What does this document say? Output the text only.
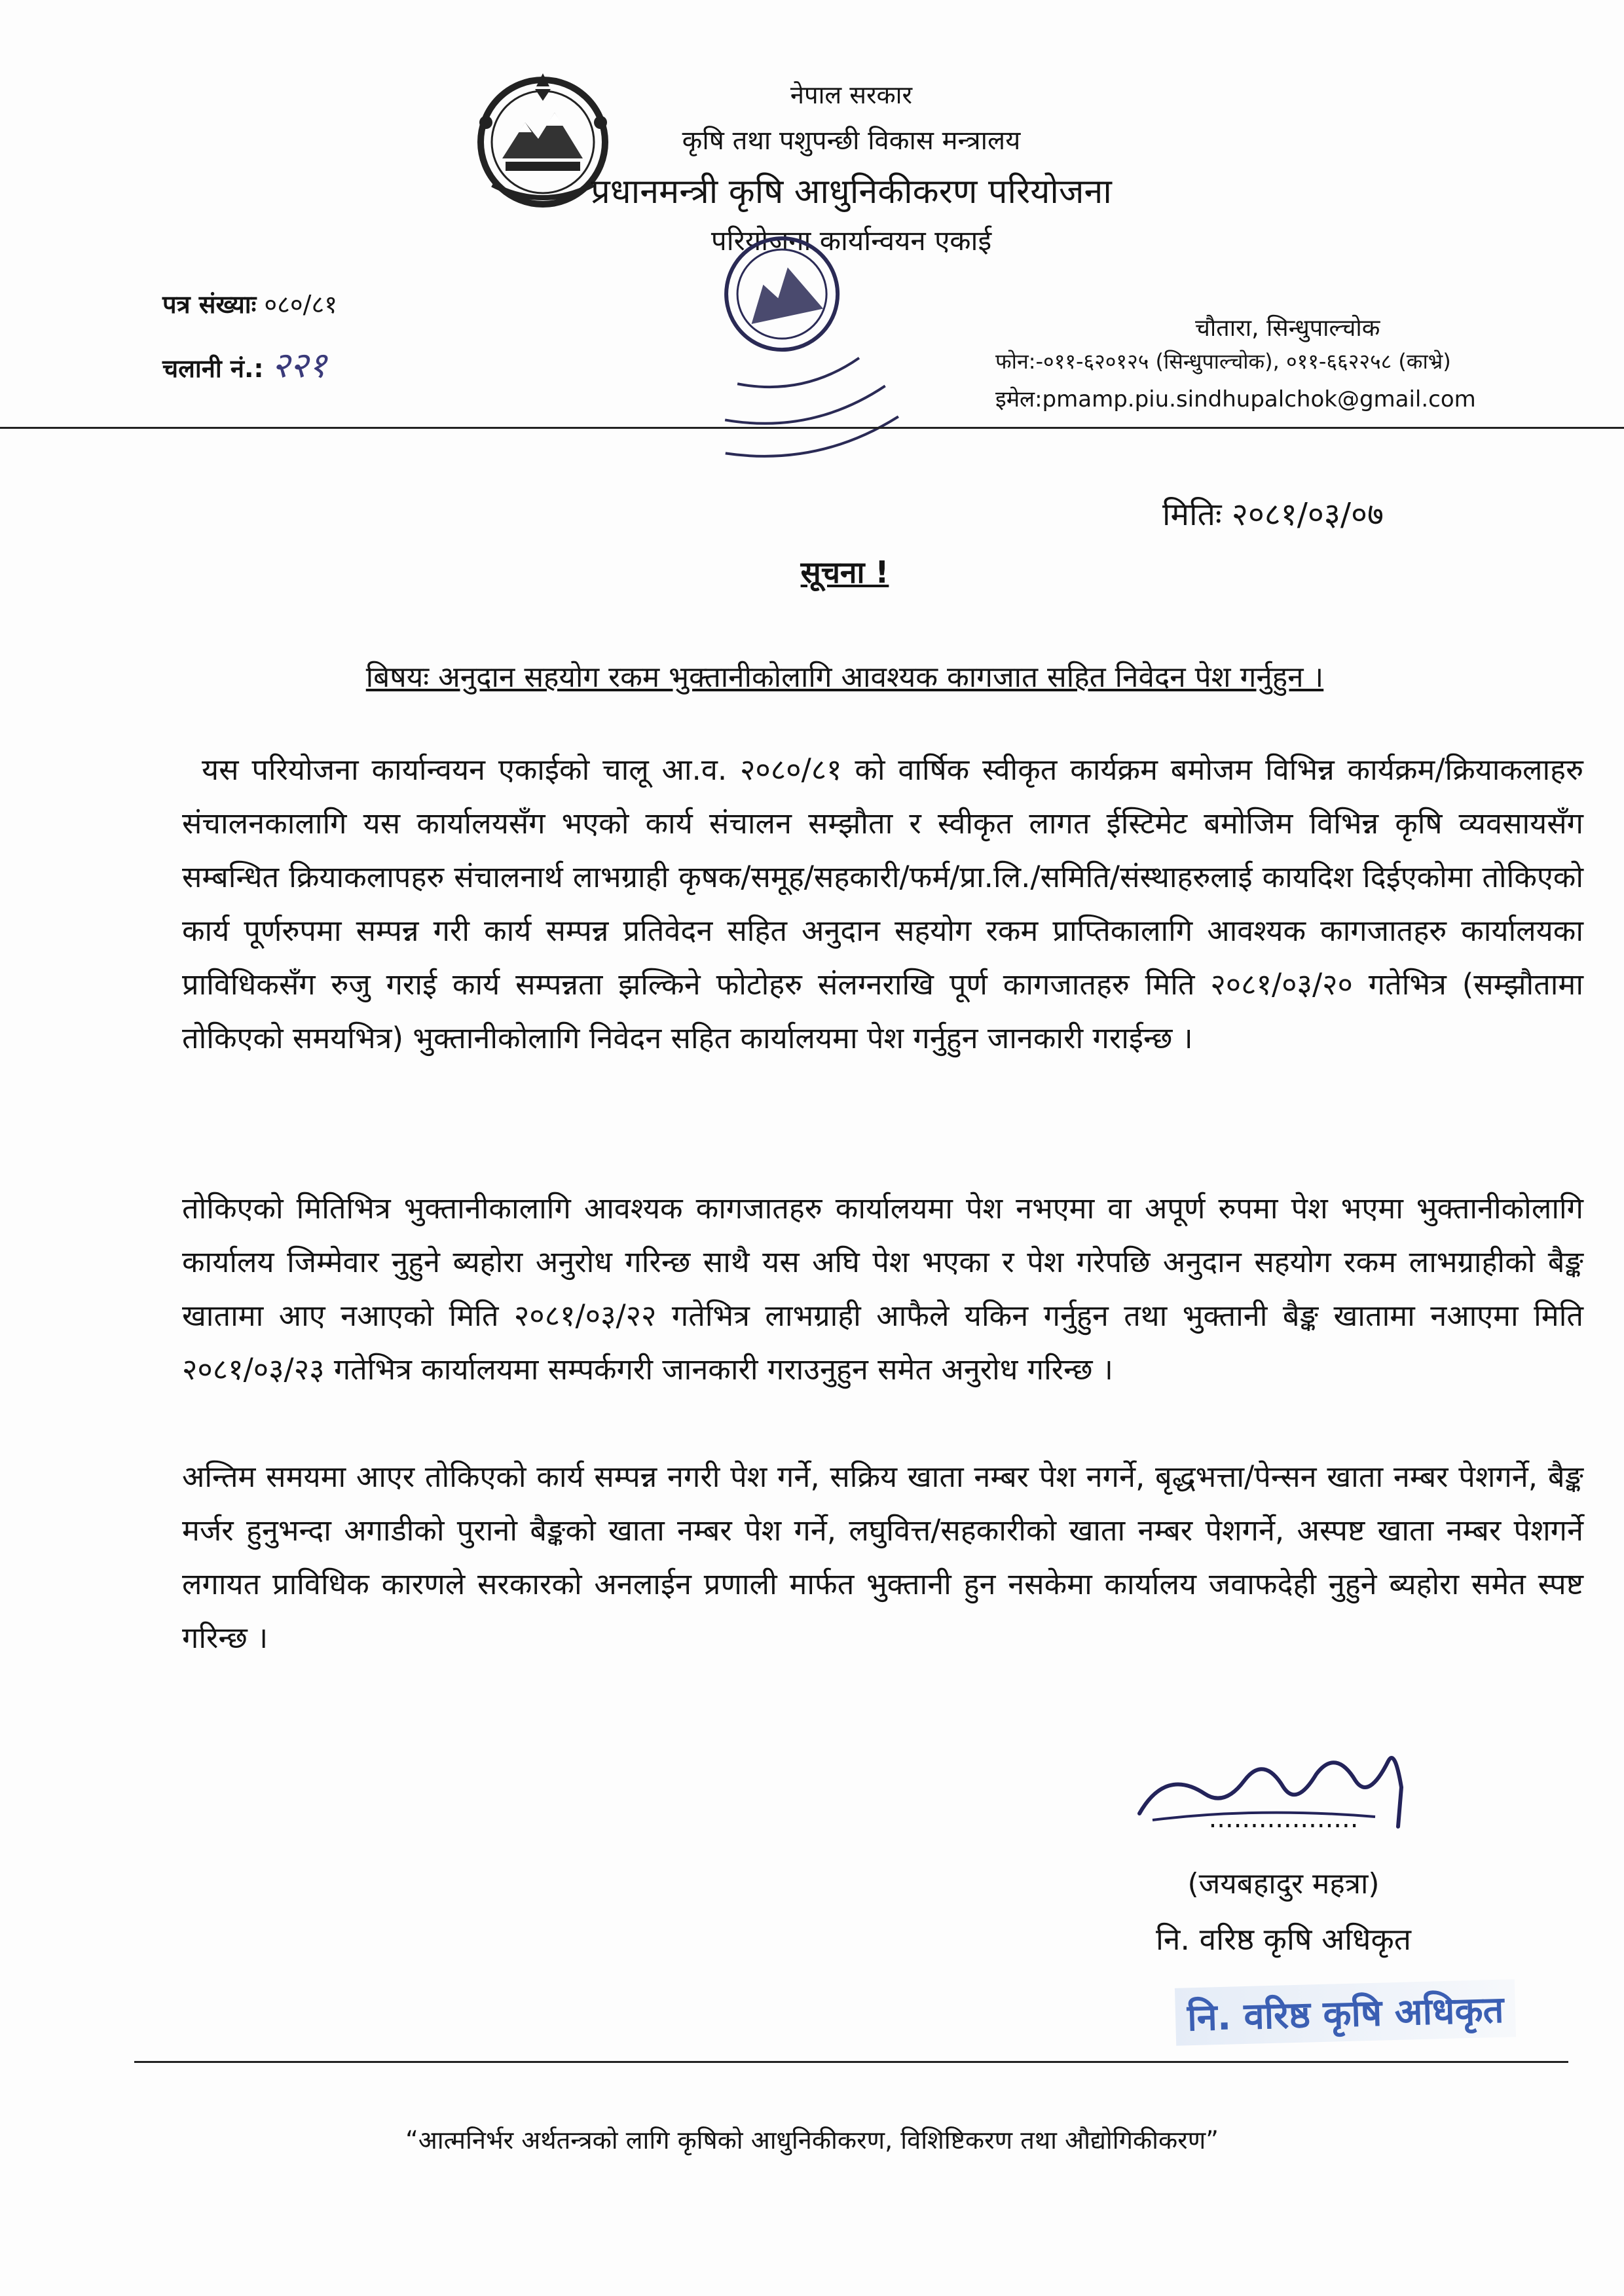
नेपाल सरकार
कृषि तथा पशुपन्छी विकास मन्त्रालय
प्रधानमन्त्री कृषि आधुनिकीकरण परियोजना
परियोजना कार्यान्वयन एकाई
पत्र संख्याः ०८०/८१
चलानी नं.: २२१
चौतारा, सिन्धुपाल्चोक
फोन:-०११-६२०१२५ (सिन्धुपाल्चोक), ०११-६६२२५८ (काभ्रे)
इमेल:pmamp.piu.sindhupalchok@gmail.com
मितिः २०८१/०३/०७
सूचना !
बिषयः अनुदान सहयोग रकम भुक्तानीकोलागि आवश्यक कागजात सहित निवेदन पेश गर्नुहुन ।
यस परियोजना कार्यान्वयन एकाईको चालू आ.व. २०८०/८१ को वार्षिक स्वीकृत कार्यक्रम बमोजम विभिन्न कार्यक्रम/क्रियाकलाहरु संचालनकालागि यस कार्यालयसँग भएको कार्य संचालन सम्झौता र स्वीकृत लागत ईस्टिमेट बमोजिम विभिन्न कृषि व्यवसायसँग सम्बन्धित क्रियाकलापहरु संचालनार्थ लाभग्राही कृषक/समूह/सहकारी/फर्म/प्रा.लि./समिति/संस्थाहरुलाई कायदिश दिईएकोमा तोकिएको कार्य पूर्णरुपमा सम्पन्न गरी कार्य सम्पन्न प्रतिवेदन सहित अनुदान सहयोग रकम प्राप्तिकालागि आवश्यक कागजातहरु कार्यालयका प्राविधिकसँग रुजु गराई कार्य सम्पन्नता झल्किने फोटोहरु संलग्नराखि पूर्ण कागजातहरु मिति २०८१/०३/२० गतेभित्र (सम्झौतामा तोकिएको समयभित्र) भुक्तानीकोलागि निवेदन सहित कार्यालयमा पेश गर्नुहुन जानकारी गराईन्छ ।
तोकिएको मितिभित्र भुक्तानीकालागि आवश्यक कागजातहरु कार्यालयमा पेश नभएमा वा अपूर्ण रुपमा पेश भएमा भुक्तानीकोलागि कार्यालय जिम्मेवार नुहुने ब्यहोरा अनुरोध गरिन्छ साथै यस अघि पेश भएका र पेश गरेपछि अनुदान सहयोग रकम लाभग्राहीको बैङ्क खातामा आए नआएको मिति २०८१/०३/२२ गतेभित्र लाभग्राही आफैले यकिन गर्नुहुन तथा भुक्तानी बैङ्क खातामा नआएमा मिति २०८१/०३/२३ गतेभित्र कार्यालयमा सम्पर्कगरी जानकारी गराउनुहुन समेत अनुरोध गरिन्छ ।
अन्तिम समयमा आएर तोकिएको कार्य सम्पन्न नगरी पेश गर्ने, सक्रिय खाता नम्बर पेश नगर्ने, बृद्धभत्ता/पेन्सन खाता नम्बर पेशगर्ने, बैङ्क मर्जर हुनुभन्दा अगाडीको पुरानो बैङ्कको खाता नम्बर पेश गर्ने, लघुवित्त/सहकारीको खाता नम्बर पेशगर्ने, अस्पष्ट खाता नम्बर पेशगर्ने लगायत प्राविधिक कारणले सरकारको अनलाईन प्रणाली मार्फत भुक्तानी हुन नसकेमा कार्यालय जवाफदेही नुहुने ब्यहोरा समेत स्पष्ट गरिन्छ ।
..................
(जयबहादुर महत्रा)
नि. वरिष्ठ कृषि अधिकृत
नि. वरिष्ठ कृषि अधिकृत
“आत्मनिर्भर अर्थतन्त्रको लागि कृषिको आधुनिकीकरण, विशिष्टिकरण तथा औद्योगिकीकरण”
